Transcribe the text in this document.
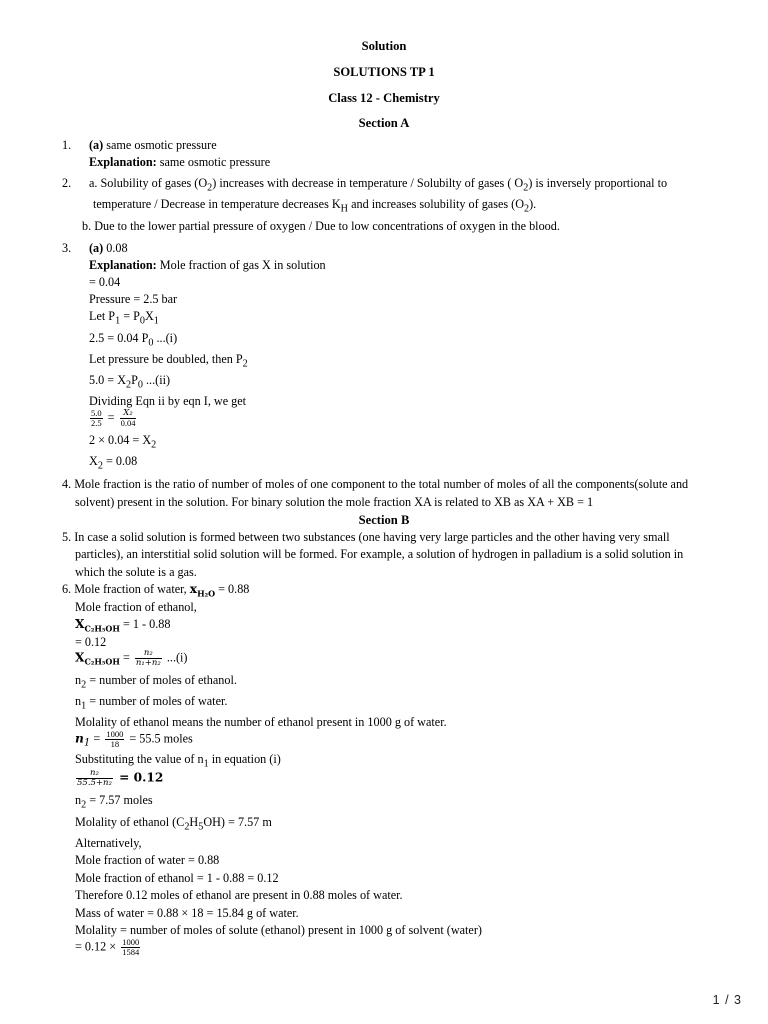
Solution
SOLUTIONS TP 1
Class 12 - Chemistry
Section A
1. (a) same osmotic pressure
Explanation: same osmotic pressure
2. a. Solubility of gases $(O_2)$ increases with decrease in temperature / Solubilty of gases ( $O_2$) is inversely proportional to
temperature / Decrease in temperature decreases $K_H$ and increases solubility of gases $(O_2)$.
b. Due to the lower partial pressure of oxygen / Due to low concentrations of oxygen in the blood.
3. (a) 0.08
Explanation: Mole fraction of gas X in solution
= 0.04
Pressure = 2.5 bar
Let $P_1 = P_0X_1$
2.5 = 0.04 $P_0$ ...(i)
Let pressure be doubled, then $P_2$
$5.0 = X_2P_0$ ...(ii)
Dividing Eqn ii by eqn I, we get
$\frac{5.0}{2.5} = \frac{\text{X₂}}{0.04}$
$2 \times 0.04 = X_2$
$X_2 = 0.08$
4. Mole fraction is the ratio of number of moles of one component to the total number of moles of all the components(solute and
solvent) present in the solution. For binary solution the mole fraction XA is related to XB as XA + XB = 1
Section B
5. In case a solid solution is formed between two substances (one having very large particles and the other having very small
particles), an interstitial solid solution will be formed. For example, a solution of hydrogen in palladium is a solid solution in
which the solute is a gas.
6. Mole fraction of water, $x_{H_2O} = 0.88$
Mole fraction of ethanol,
$X_{C_2H_5OH} = 1 - 0.88$
= 0.12
$X_{C_2H_5OH} = \frac{\text{n₂}}{\text{n₁+n₂}} ...(i)$
$n_2$ = number of moles of ethanol.
$n_1$ = number of moles of water.
Molality of ethanol means the number of ethanol present in 1000 g of water.
$n_1 = \frac{1000}{18} = 55.5$ moles
Substituting the value of $n_1$ in equation (i)
$\frac{\text{n₂}}{\text{55.5+n₂}} = 0.12$
$n_2 = 7.57$ moles
Molality of ethanol $(C_2H_5OH) = 7.57$ m
Alternatively,
Mole fraction of water = 0.88
Mole fraction of ethanol = 1 - 0.88 = 0.12
Therefore 0.12 moles of ethanol are present in 0.88 moles of water.
Mass of water = 0.88 × 18 = 15.84 g of water.
Molality = number of moles of solute (ethanol) present in 1000 g of solvent (water)
= $0.12 \times \frac{1000}{1584}$
1 / 3
